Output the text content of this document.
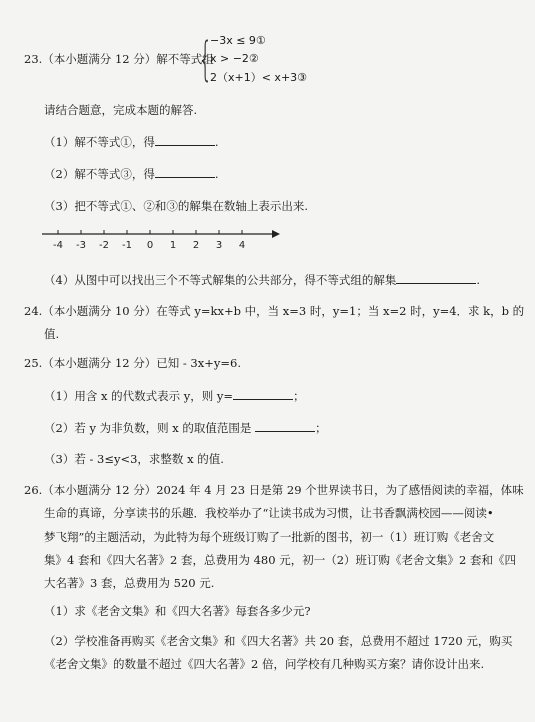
23.（本小题满分 12 分）解不等式组
{
−3x ≤ 9①
x > −2②
2（x+1）< x+3③
请结合题意，完成本题的解答.
（1）解不等式①，得	.
（2）解不等式③，得	.
（3）把不等式①、②和③的解集在数轴上表示出来.
-4 -3 -2 -1 0 1 2 3 4
（4）从图中可以找出三个不等式解集的公共部分，得不等式组的解集	.
24.（本小题满分 10 分）在等式 y=kx+b 中，当 x=3 时，y=1；当 x=2 时，y=4．求 k，b 的
值.
25.（本小题满分 12 分）已知 - 3x+y=6.
（1）用含 x 的代数式表示 y，则 y=	；
（2）若 y 为非负数，则 x 的取值范围是	；
（3）若 - 3≤y<3，求整数 x 的值.
26.（本小题满分 12 分）2024 年 4 月 23 日是第 29 个世界读书日，为了感悟阅读的幸福，体味
生命的真谛，分享读书的乐趣．我校举办了“让读书成为习惯，让书香飘满校园——阅读•
梦飞翔”的主题活动，为此特为每个班级订购了一批新的图书，初一（1）班订购《老舍文
集》4 套和《四大名著》2 套，总费用为 480 元，初一（2）班订购《老舍文集》2 套和《四
大名著》3 套，总费用为 520 元.
（1）求《老舍文集》和《四大名著》每套各多少元?
（2）学校准备再购买《老舍文集》和《四大名著》共 20 套，总费用不超过 1720 元，购买
《老舍文集》的数量不超过《四大名著》2 倍，问学校有几种购买方案？请你设计出来.
